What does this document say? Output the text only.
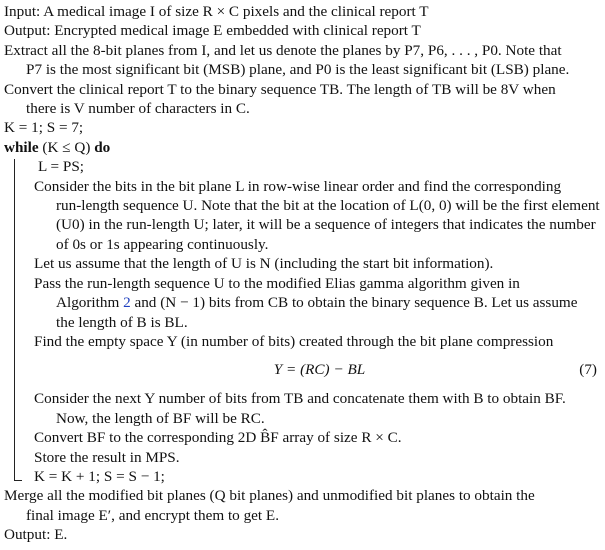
Input: A medical image I of size R × C pixels and the clinical report T
Output: Encrypted medical image E embedded with clinical report T

Extract all the 8-bit planes from I, and let us denote the planes by P7, P6, . . . , P0. Note that

P7 is the most significant bit (MSB) plane, and P0 is the least significant bit (LSB) plane.

Convert the clinical report T to the binary sequence TB. The length of TB will be 8V when

there is V number of characters in C.

K = 1; S = 7;
while (K ≤ Q) do
L = PS;

Consider the bits in the bit plane L in row-wise linear order and find the corresponding

run-length sequence U. Note that the bit at the location of L(0, 0) will be the first element

(U0) in the run-length U; later, it will be a sequence of integers that indicates the number

of 0s or 1s appearing continuously.

Let us assume that the length of U is N (including the start bit information).

Pass the run-length sequence U to the modified Elias gamma algorithm given in

Algorithm 2 and (N − 1) bits from CB to obtain the binary sequence B. Let us assume

the length of B is BL.

Find the empty space Y (in number of bits) created through the bit plane compression
Y = (RC) − BL	(7)

Consider the next Y number of bits from TB and concatenate them with B to obtain BF.

Now, the length of BF will be RC.

Convert BF to the corresponding 2D B̂F array of size R × C.
Store the result in MPS.
K = K + 1; S = S − 1;

Merge all the modified bit planes (Q bit planes) and unmodified bit planes to obtain the

final image E′, and encrypt them to get E.

Output: E.
